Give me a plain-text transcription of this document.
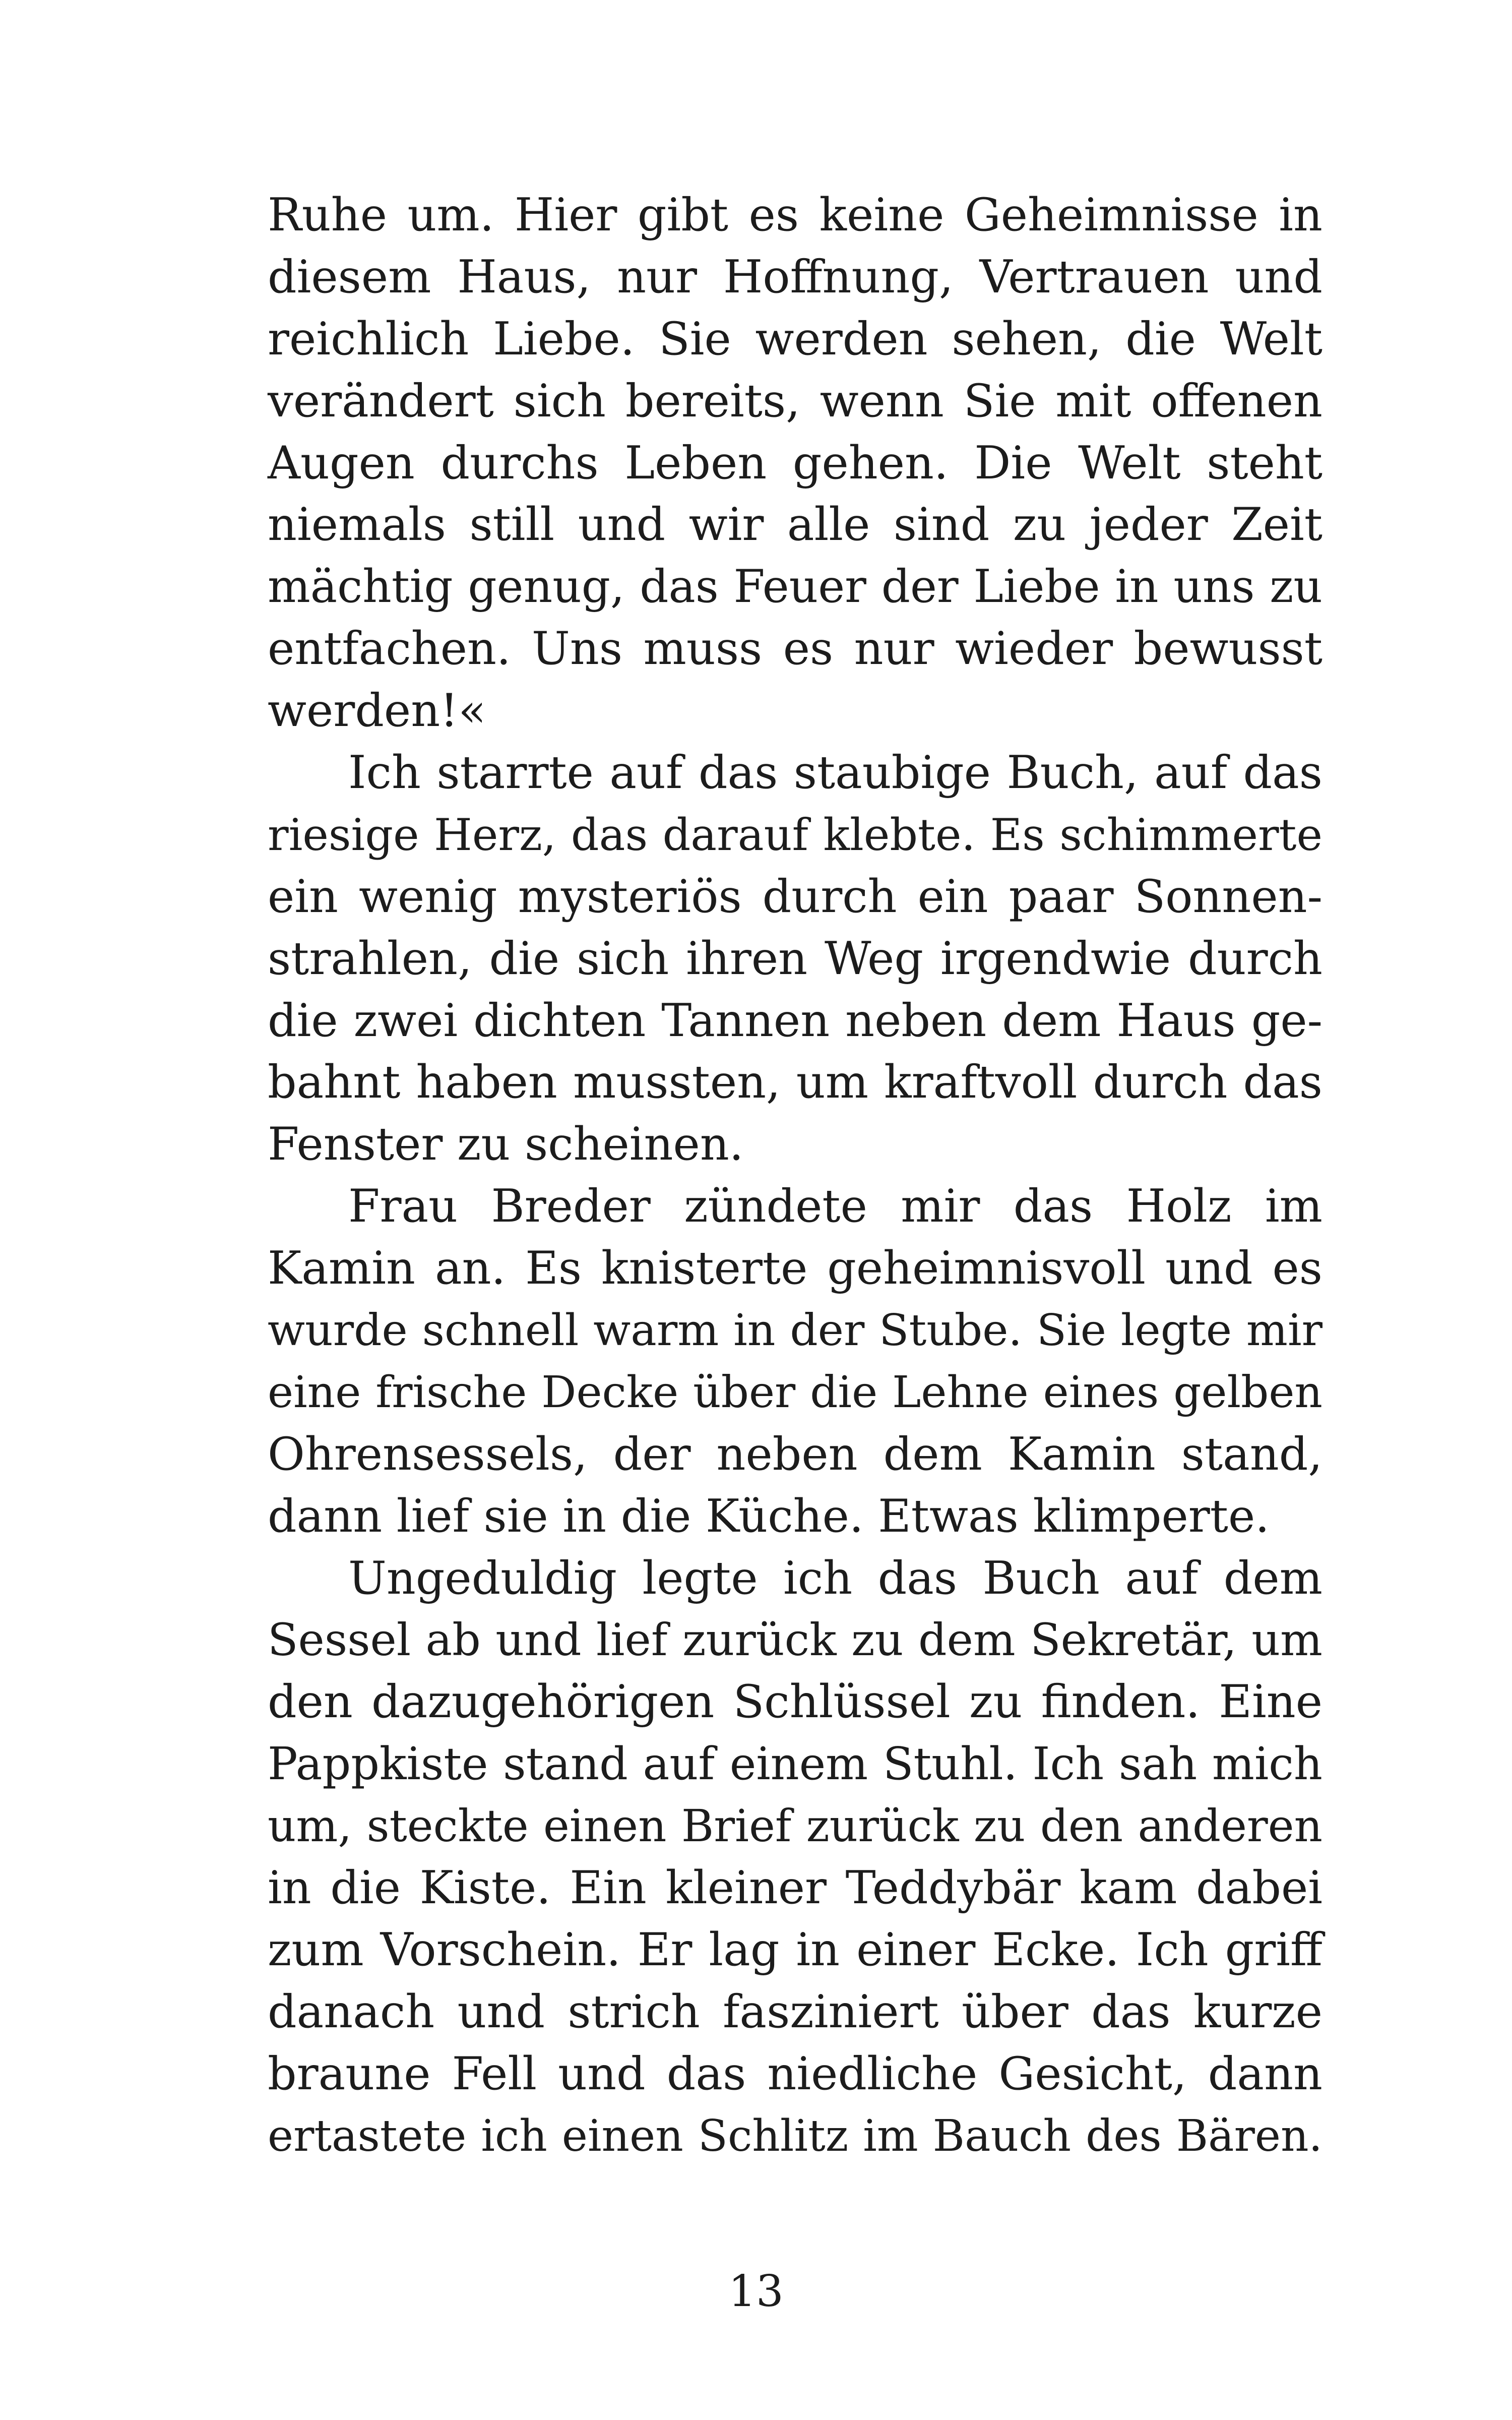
Ruhe um. Hier gibt es keine Geheimnisse in
diesem Haus, nur Hoffnung, Vertrauen und
reichlich Liebe. Sie werden sehen, die Welt
verändert sich bereits, wenn Sie mit offenen
Augen durchs Leben gehen. Die Welt steht
niemals still und wir alle sind zu jeder Zeit
mächtig genug, das Feuer der Liebe in uns zu
entfachen. Uns muss es nur wieder bewusst
werden!«
Ich starrte auf das staubige Buch, auf das
riesige Herz, das darauf klebte. Es schimmerte
ein wenig mysteriös durch ein paar Sonnen-
strahlen, die sich ihren Weg irgendwie durch
die zwei dichten Tannen neben dem Haus ge-
bahnt haben mussten, um kraftvoll durch das
Fenster zu scheinen.
Frau Breder zündete mir das Holz im
Kamin an. Es knisterte geheimnisvoll und es
wurde schnell warm in der Stube. Sie legte mir
eine frische Decke über die Lehne eines gelben
Ohrensessels, der neben dem Kamin stand,
dann lief sie in die Küche. Etwas klimperte.
Ungeduldig legte ich das Buch auf dem
Sessel ab und lief zurück zu dem Sekretär, um
den dazugehörigen Schlüssel zu finden. Eine
Pappkiste stand auf einem Stuhl. Ich sah mich
um, steckte einen Brief zurück zu den anderen
in die Kiste. Ein kleiner Teddybär kam dabei
zum Vorschein. Er lag in einer Ecke. Ich griff
danach und strich fasziniert über das kurze
braune Fell und das niedliche Gesicht, dann
ertastete ich einen Schlitz im Bauch des Bären.
13
